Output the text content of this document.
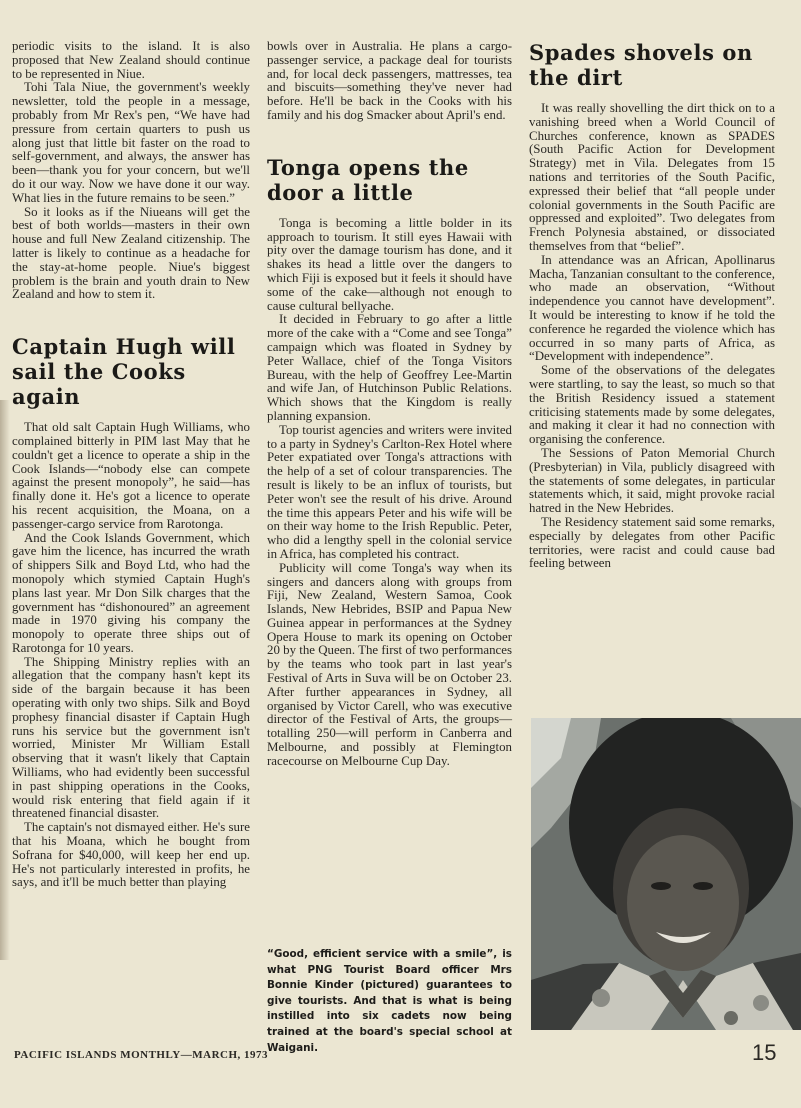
periodic visits to the island. It is also proposed that New Zealand should continue to be represented in Niue.

Tohi Tala Niue, the government's weekly newsletter, told the people in a message, probably from Mr Rex's pen, “We have had pressure from certain quarters to push us along just that little bit faster on the road to self-government, and always, the answer has been—thank you for your concern, but we'll do it our way. Now we have done it our way. What lies in the future remains to be seen.”

So it looks as if the Niueans will get the best of both worlds—masters in their own house and full New Zealand citizenship. The latter is likely to continue as a headache for the stay-at-home people. Niue's biggest problem is the brain and youth drain to New Zealand and how to stem it.

Captain Hugh will sail the Cooks again

That old salt Captain Hugh Williams, who complained bitterly in PIM last May that he couldn't get a licence to operate a ship in the Cook Islands—“nobody else can compete against the present monopoly”, he said—has finally done it. He's got a licence to operate his recent acquisition, the Moana, on a passenger-cargo service from Rarotonga.

And the Cook Islands Government, which gave him the licence, has incurred the wrath of shippers Silk and Boyd Ltd, who had the monopoly which stymied Captain Hugh's plans last year. Mr Don Silk charges that the government has “dishonoured” an agreement made in 1970 giving his company the monopoly to operate three ships out of Rarotonga for 10 years.

The Shipping Ministry replies with an allegation that the company hasn't kept its side of the bargain because it has been operating with only two ships. Silk and Boyd prophesy financial disaster if Captain Hugh runs his service but the government isn't worried, Minister Mr William Estall observing that it wasn't likely that Captain Williams, who had evidently been successful in past shipping operations in the Cooks, would risk entering that field again if it threatened financial disaster.

The captain's not dismayed either. He's sure that his Moana, which he bought from Sofrana for $40,000, will keep her end up. He's not particularly interested in profits, he says, and it'll be much better than playing

bowls over in Australia. He plans a cargo-passenger service, a package deal for tourists and, for local deck passengers, mattresses, tea and biscuits—something they've never had before. He'll be back in the Cooks with his family and his dog Smacker about April's end.

Tonga opens the door a little

Tonga is becoming a little bolder in its approach to tourism. It still eyes Hawaii with pity over the damage tourism has done, and it shakes its head a little over the dangers to which Fiji is exposed but it feels it should have some of the cake—although not enough to cause cultural bellyache.

It decided in February to go after a little more of the cake with a “Come and see Tonga” campaign which was floated in Sydney by Peter Wallace, chief of the Tonga Visitors Bureau, with the help of Geoffrey Lee-Martin and wife Jan, of Hutchinson Public Relations. Which shows that the Kingdom is really planning expansion.

Top tourist agencies and writers were invited to a party in Sydney's Carlton-Rex Hotel where Peter expatiated over Tonga's attractions with the help of a set of colour transparencies. The result is likely to be an influx of tourists, but Peter won't see the result of his drive. Around the time this appears Peter and his wife will be on their way home to the Irish Republic. Peter, who did a lengthy spell in the colonial service in Africa, has completed his contract.

Publicity will come Tonga's way when its singers and dancers along with groups from Fiji, New Zealand, Western Samoa, Cook Islands, New Hebrides, BSIP and Papua New Guinea appear in performances at the Sydney Opera House to mark its opening on October 20 by the Queen. The first of two performances by the teams who took part in last year's Festival of Arts in Suva will be on October 23. After further appearances in Sydney, all organised by Victor Carell, who was executive director of the Festival of Arts, the groups—totalling 250—will perform in Canberra and Melbourne, and possibly at Flemington racecourse on Melbourne Cup Day.

“Good, efficient service with a smile”, is what PNG Tourist Board officer Mrs Bonnie Kinder (pictured) guarantees to give tourists. And that is what is being instilled into six cadets now being trained at the board's special school at Waigani.

Spades shovels on the dirt

It was really shovelling the dirt thick on to a vanishing breed when a World Council of Churches conference, known as SPADES (South Pacific Action for Development Strategy) met in Vila. Delegates from 15 nations and territories of the South Pacific, expressed their belief that “all people under colonial governments in the South Pacific are oppressed and exploited”. Two delegates from French Polynesia abstained, or dissociated themselves from that “belief”.

In attendance was an African, Apollinarus Macha, Tanzanian consultant to the conference, who made an observation, “Without independence you cannot have development”. It would be interesting to know if he told the conference he regarded the violence which has occurred in so many parts of Africa, as “Development with independence”.

Some of the observations of the delegates were startling, to say the least, so much so that the British Residency issued a statement criticising statements made by some delegates, and making it clear it had no connection with organising the conference.

The Sessions of Paton Memorial Church (Presbyterian) in Vila, publicly disagreed with the statements of some delegates, in particular statements which, it said, might provoke racial hatred in the New Hebrides.

The Residency statement said some remarks, especially by delegates from other Pacific territories, were racist and could cause bad feeling between

PACIFIC ISLANDS MONTHLY—MARCH, 1973	15
